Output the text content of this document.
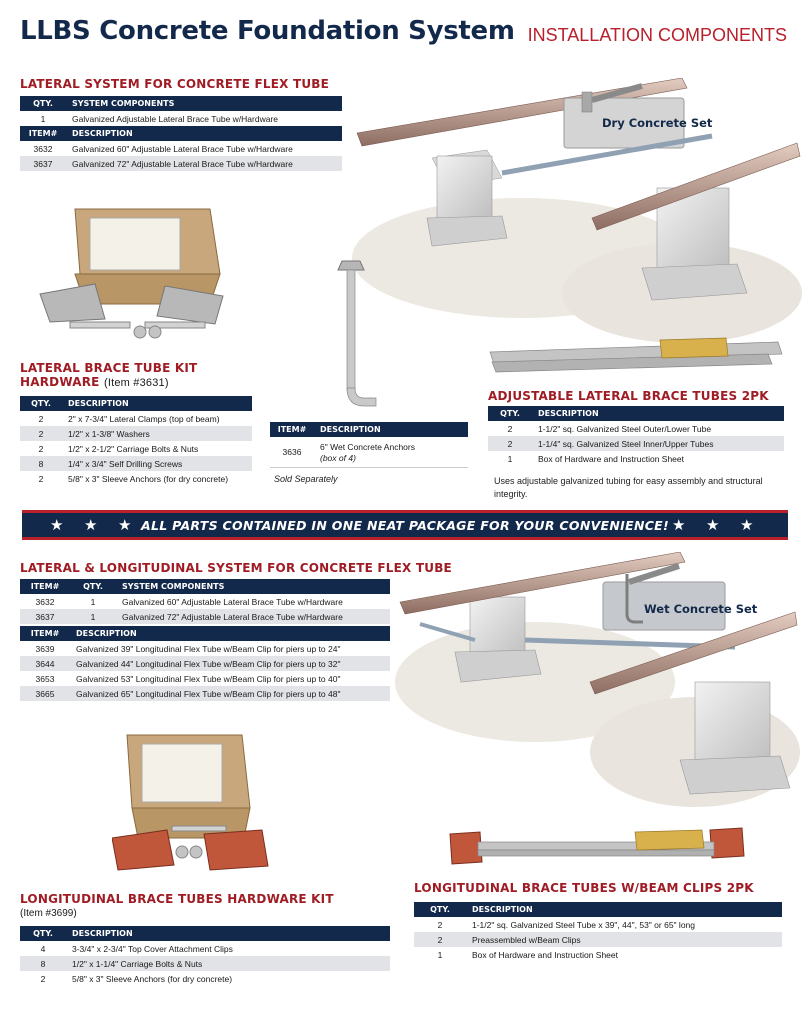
LLBS Concrete Foundation System INSTALLATION COMPONENTS
LATERAL SYSTEM FOR CONCRETE FLEX TUBE
QTY.	SYSTEM COMPONENTS
1	Galvanized Adjustable Lateral Brace Tube w/Hardware
ITEM#	DESCRIPTION
3632	Galvanized 60" Adjustable Lateral Brace Tube w/Hardware
3637	Galvanized 72" Adjustable Lateral Brace Tube w/Hardware
Dry Concrete Set
LATERAL BRACE TUBE KIT
HARDWARE (Item #3631)
QTY.	DESCRIPTION
2	2" x 7-3/4" Lateral Clamps (top of beam)
2	1/2" x 1-3/8" Washers
2	1/2" x 2-1/2" Carriage Bolts & Nuts
8	1/4" x 3/4" Self Drilling Screws
2	5/8" x 3" Sleeve Anchors (for dry concrete)
ITEM#	DESCRIPTION
3636	6" Wet Concrete Anchors
(box of 4)
Sold Separately
ADJUSTABLE LATERAL BRACE TUBES 2PK
QTY.	DESCRIPTION
2	1-1/2" sq. Galvanized Steel Outer/Lower Tube
2	1-1/4" sq. Galvanized Steel Inner/Upper Tubes
1	Box of Hardware and Instruction Sheet
Uses adjustable galvanized tubing for easy assembly and structural integrity.
★ ★ ★ ALL PARTS CONTAINED IN ONE NEAT PACKAGE FOR YOUR CONVENIENCE! ★ ★ ★
LATERAL & LONGITUDINAL SYSTEM FOR CONCRETE FLEX TUBE
ITEM#	QTY.	SYSTEM COMPONENTS
3632	1	Galvanized 60" Adjustable Lateral Brace Tube w/Hardware
3637	1	Galvanized 72" Adjustable Lateral Brace Tube w/Hardware
ITEM#	DESCRIPTION
3639	Galvanized 39" Longitudinal Flex Tube w/Beam Clip for piers up to 24"
3644	Galvanized 44" Longitudinal Flex Tube w/Beam Clip for piers up to 32"
3653	Galvanized 53" Longitudinal Flex Tube w/Beam Clip for piers up to 40"
3665	Galvanized 65" Longitudinal Flex Tube w/Beam Clip for piers up to 48"
Wet Concrete Set
LONGITUDINAL BRACE TUBES W/BEAM CLIPS 2PK
QTY.	DESCRIPTION
2	1-1/2" sq. Galvanized Steel Tube x 39", 44", 53" or 65" long
2	Preassembled w/Beam Clips
1	Box of Hardware and Instruction Sheet
LONGITUDINAL BRACE TUBES HARDWARE KIT
(Item #3699)
QTY.	DESCRIPTION
4	3-3/4" x 2-3/4" Top Cover Attachment Clips
8	1/2" x 1-1/4" Carriage Bolts & Nuts
2	5/8" x 3" Sleeve Anchors (for dry concrete)
